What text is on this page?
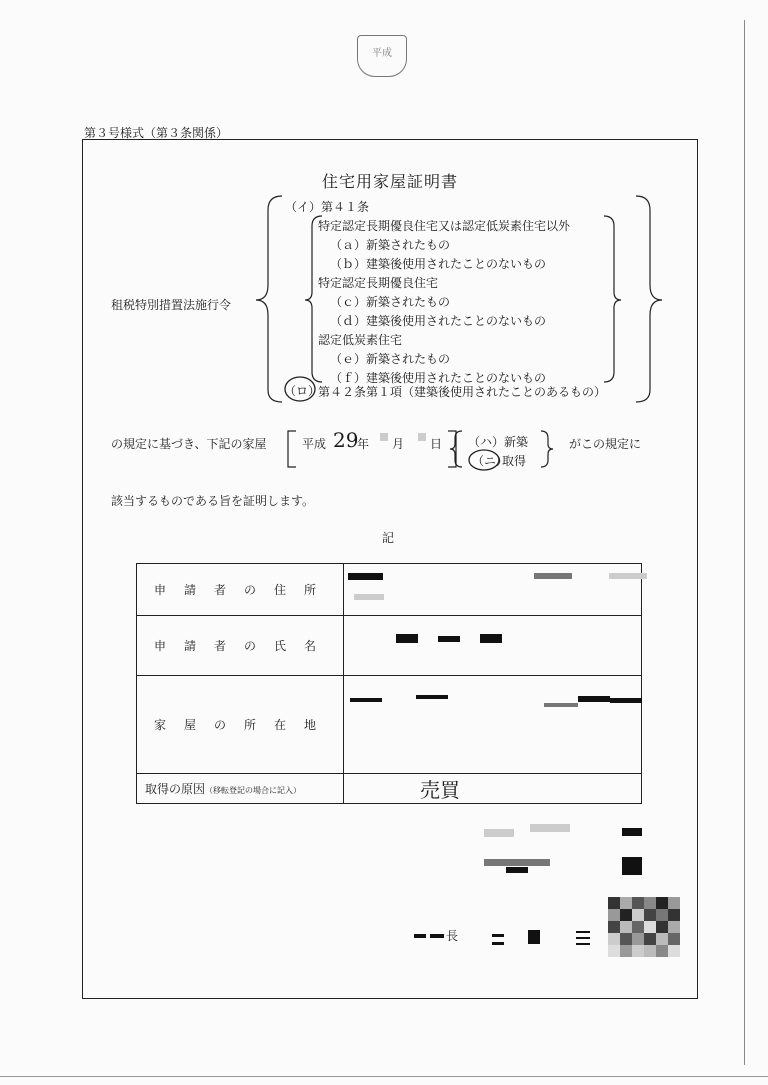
平成
第３号様式（第３条関係）
住宅用家屋証明書
租税特別措置法施行令
（イ）第４１条
特定認定長期優良住宅又は認定低炭素住宅以外
（ａ）新築されたもの
（ｂ）建築後使用されたことのないもの
特定認定長期優良住宅
（ｃ）新築されたもの
（ｄ）建築後使用されたことのないもの
認定低炭素住宅
（ｅ）新築されたもの
（ｆ）建築後使用されたことのないもの
（ロ）
第４２条第１項（建築後使用されたことのあるもの）
の規定に基づき、下記の家屋	平成 29
年 月 日 （ハ）新築
（ニ）
取得
がこの規定に
該当するものである旨を証明します。
記
申請者の住所	

申請者の氏名	

家屋の所在地	

取得の原因（移転登記の場合に記入）	売買
長
